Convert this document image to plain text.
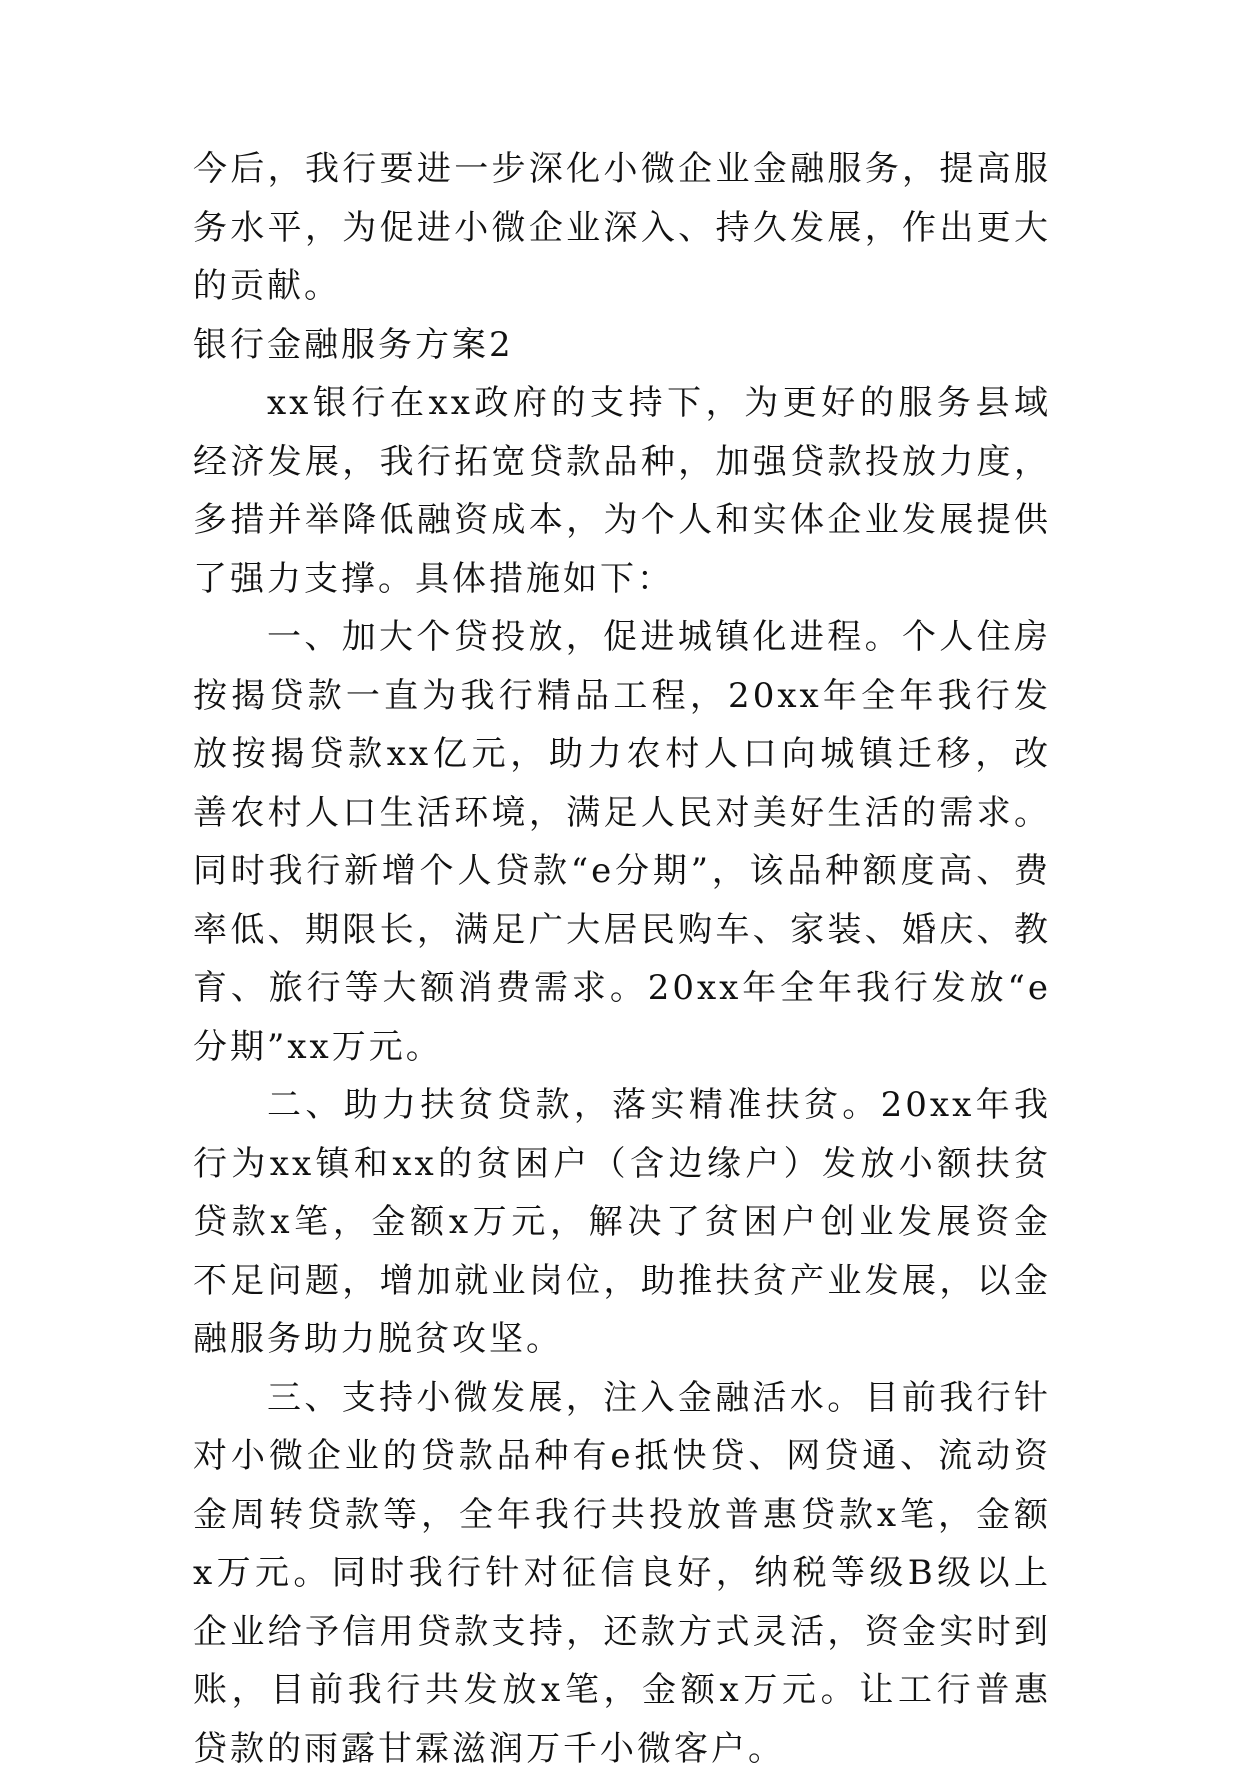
今后，我行要进一步深化小微企业金融服务，提高服务水平，为促进小微企业深入、持久发展，作出更大的贡献。

银行金融服务方案2

xx银行在xx政府的支持下，为更好的服务县域经济发展，我行拓宽贷款品种，加强贷款投放力度，多措并举降低融资成本，为个人和实体企业发展提供了强力支撑。具体措施如下：

一、加大个贷投放，促进城镇化进程。个人住房按揭贷款一直为我行精品工程，20xx年全年我行发放按揭贷款xx亿元，助力农村人口向城镇迁移，改善农村人口生活环境，满足人民对美好生活的需求。同时我行新增个人贷款“e分期”，该品种额度高、费率低、期限长，满足广大居民购车、家装、婚庆、教育、旅行等大额消费需求。20xx年全年我行发放“e分期”xx万元。

二、助力扶贫贷款，落实精准扶贫。20xx年我行为xx镇和xx的贫困户（含边缘户）发放小额扶贫贷款x笔，金额x万元，解决了贫困户创业发展资金不足问题，增加就业岗位，助推扶贫产业发展，以金融服务助力脱贫攻坚。

三、支持小微发展，注入金融活水。目前我行针对小微企业的贷款品种有e抵快贷、网贷通、流动资金周转贷款等，全年我行共投放普惠贷款x笔，金额x万元。同时我行针对征信良好，纳税等级B级以上企业给予信用贷款支持，还款方式灵活，资金实时到账，目前我行共发放x笔，金额x万元。让工行普惠贷款的雨露甘霖滋润万千小微客户。
